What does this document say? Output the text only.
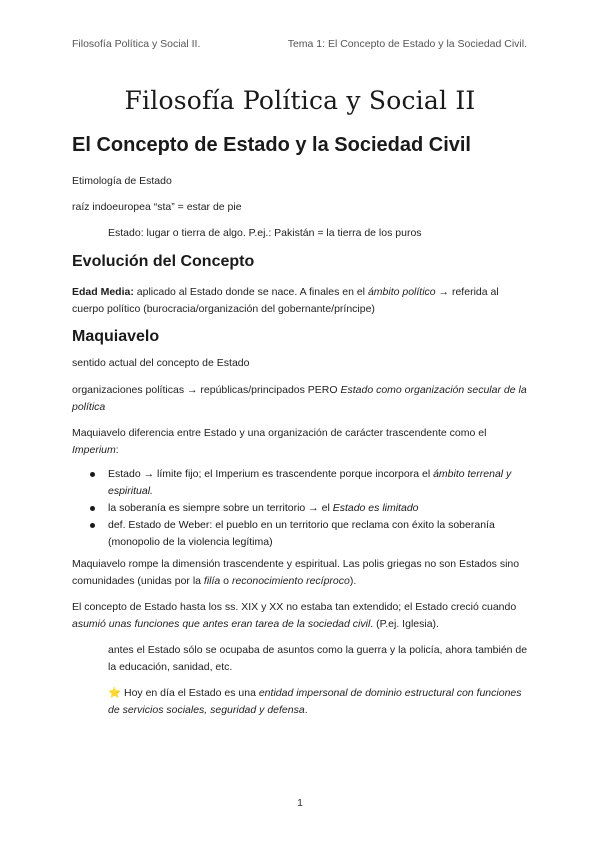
Filosofía Política y Social II.	Tema 1: El Concepto de Estado y la Sociedad Civil.
Filosofía Política y Social II
El Concepto de Estado y la Sociedad Civil
Etimología de Estado
raíz indoeuropea “sta” = estar de pie
Estado: lugar o tierra de algo. P.ej.: Pakistán = la tierra de los puros
Evolución del Concepto
Edad Media: aplicado al Estado donde se nace. A finales en el ámbito político → referida al cuerpo político (burocracia/organización del gobernante/príncipe)
Maquiavelo
sentido actual del concepto de Estado
organizaciones políticas → repúblicas/principados PERO Estado como organización secular de la política
Maquiavelo diferencia entre Estado y una organización de carácter trascendente como el Imperium:
Estado → límite fijo; el Imperium es trascendente porque incorpora el ámbito terrenal y espiritual.
la soberanía es siempre sobre un territorio → el Estado es limitado
def. Estado de Weber: el pueblo en un territorio que reclama con éxito la soberanía (monopolio de la violencia legítima)
Maquiavelo rompe la dimensión trascendente y espiritual. Las polis griegas no son Estados sino comunidades (unidas por la filía o reconocimiento recíproco).
El concepto de Estado hasta los ss. XIX y XX no estaba tan extendido; el Estado creció cuando asumió unas funciones que antes eran tarea de la sociedad civil. (P.ej. Iglesia).
antes el Estado sólo se ocupaba de asuntos como la guerra y la policía, ahora también de la educación, sanidad, etc.
⭐ Hoy en día el Estado es una entidad impersonal de dominio estructural con funciones de servicios sociales, seguridad y defensa.
1
